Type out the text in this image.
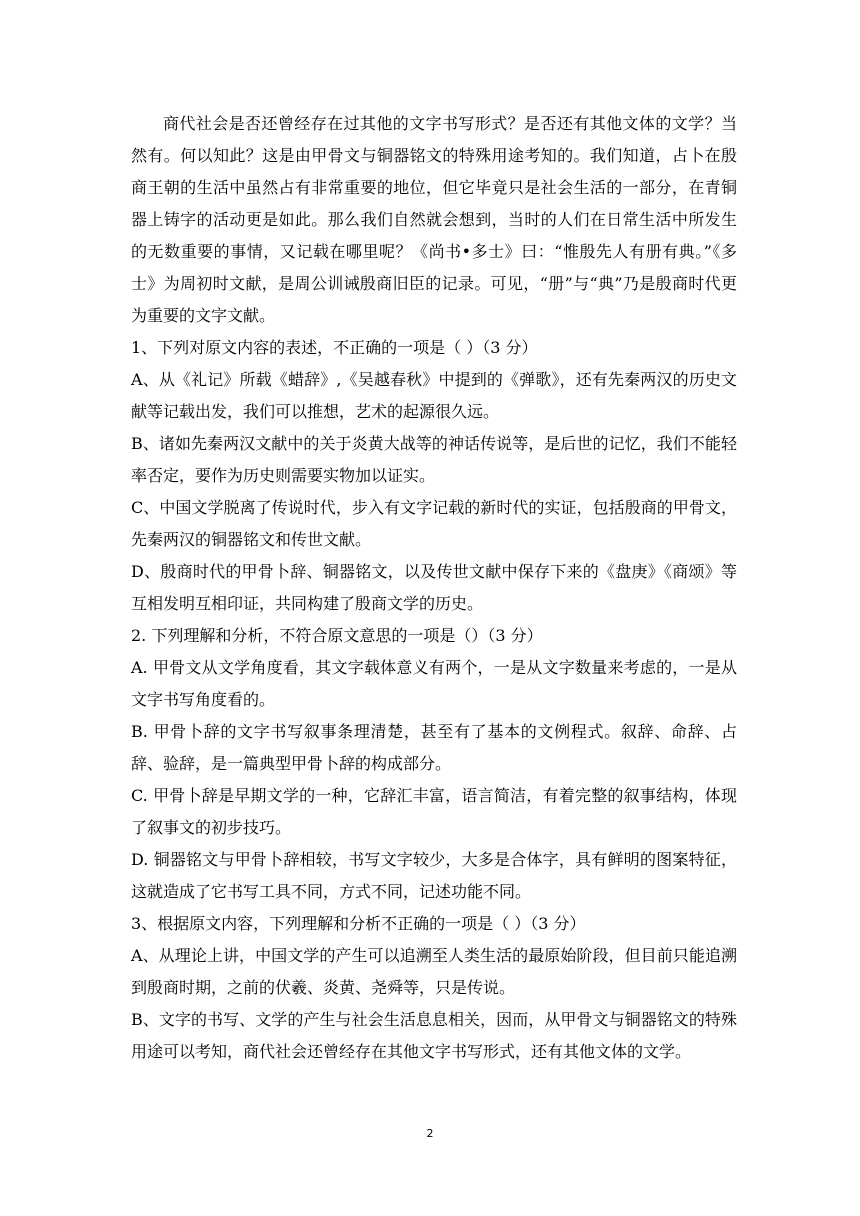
商代社会是否还曾经存在过其他的文字书写形式？是否还有其他文体的文学？当然有。何以知此？这是由甲骨文与铜器铭文的特殊用途考知的。我们知道，占卜在殷商王朝的生活中虽然占有非常重要的地位，但它毕竟只是社会生活的一部分，在青铜器上铸字的活动更是如此。那么我们自然就会想到，当时的人们在日常生活中所发生的无数重要的事情，又记载在哪里呢？《尚书•多士》曰：“惟殷先人有册有典。”《多士》为周初时文献，是周公训诫殷商旧臣的记录。可见，“册”与“典”乃是殷商时代更为重要的文字文献。

1、下列对原文内容的表述，不正确的一项是（ ）（3 分）

A、从《礼记》所载《蜡辞》,《吴越春秋》中提到的《弹歌》，还有先秦两汉的历史文献等记载出发，我们可以推想，艺术的起源很久远。

B、诸如先秦两汉文献中的关于炎黄大战等的神话传说等，是后世的记忆，我们不能轻率否定，要作为历史则需要实物加以证实。

C、中国文学脱离了传说时代，步入有文字记载的新时代的实证，包括殷商的甲骨文，先秦两汉的铜器铭文和传世文献。

D、殷商时代的甲骨卜辞、铜器铭文，以及传世文献中保存下来的《盘庚》《商颂》等互相发明互相印证，共同构建了殷商文学的历史。

2. 下列理解和分析，不符合原文意思的一项是（）（3 分）

A. 甲骨文从文学角度看，其文字载体意义有两个，一是从文字数量来考虑的，一是从文字书写角度看的。

B. 甲骨卜辞的文字书写叙事条理清楚，甚至有了基本的文例程式。叙辞、命辞、占辞、验辞，是一篇典型甲骨卜辞的构成部分。

C. 甲骨卜辞是早期文学的一种，它辞汇丰富，语言简洁，有着完整的叙事结构，体现了叙事文的初步技巧。

D. 铜器铭文与甲骨卜辞相较，书写文字较少，大多是合体字，具有鲜明的图案特征，这就造成了它书写工具不同，方式不同，记述功能不同。

3、根据原文内容，下列理解和分析不正确的一项是（ ）（3 分）

A、从理论上讲，中国文学的产生可以追溯至人类生活的最原始阶段，但目前只能追溯到殷商时期，之前的伏羲、炎黄、尧舜等，只是传说。

B、文字的书写、文学的产生与社会生活息息相关，因而，从甲骨文与铜器铭文的特殊用途可以考知，商代社会还曾经存在其他文字书写形式，还有其他文体的文学。

2
